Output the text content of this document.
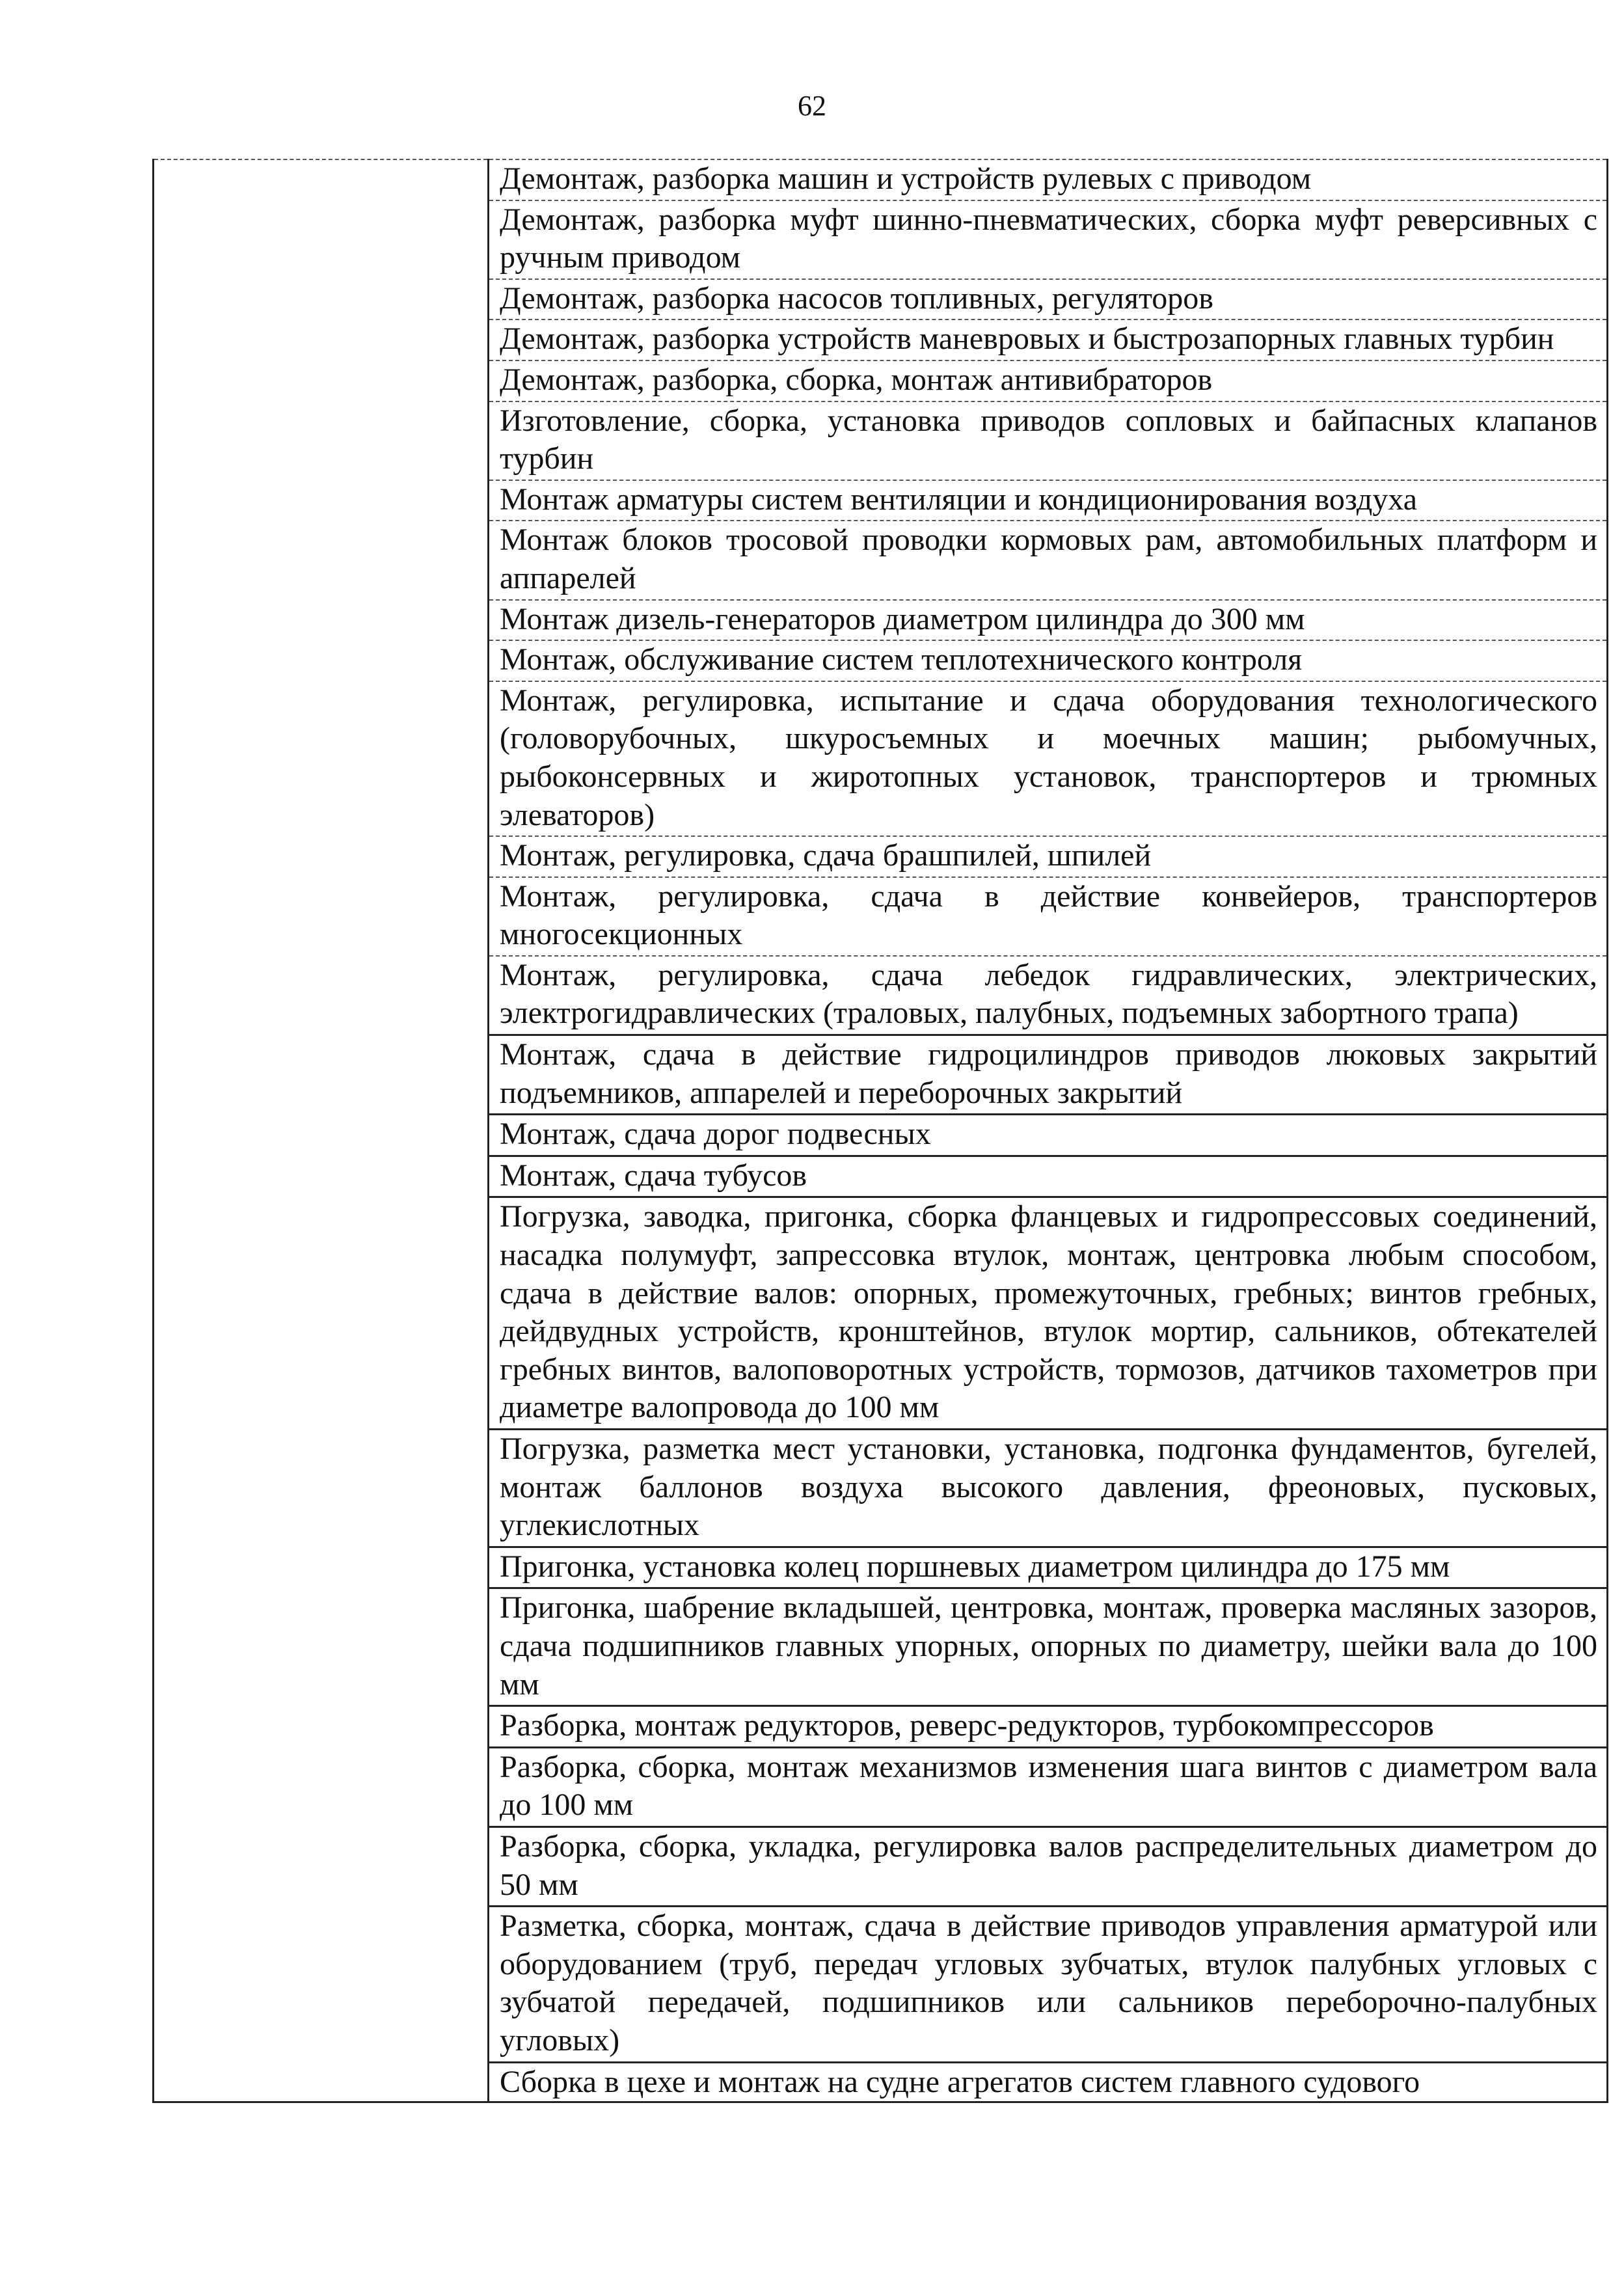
62

Демонтаж, разборка машин и устройств рулевых с приводом
Демонтаж, разборка муфт шинно-пневматических, сборка муфт реверсивных с ручным приводом
Демонтаж, разборка насосов топливных, регуляторов
Демонтаж, разборка устройств маневровых и быстрозапорных главных турбин
Демонтаж, разборка, сборка, монтаж антивибраторов
Изготовление, сборка, установка приводов сопловых и байпасных клапанов турбин
Монтаж арматуры систем вентиляции и кондиционирования воздуха
Монтаж блоков тросовой проводки кормовых рам, автомобильных платформ и аппарелей
Монтаж дизель-генераторов диаметром цилиндра до 300 мм
Монтаж, обслуживание систем теплотехнического контроля
Монтаж, регулировка, испытание и сдача оборудования технологического (головорубочных, шкуросъемных и моечных машин; рыбомучных, рыбоконсервных и жиротопных установок, транспортеров и трюмных элеваторов)
Монтаж, регулировка, сдача брашпилей, шпилей
Монтаж, регулировка, сдача в действие конвейеров, транспортеров многосекционных
Монтаж, регулировка, сдача лебедок гидравлических, электрических, электрогидравлических (траловых, палубных, подъемных забортного трапа)
Монтаж, сдача в действие гидроцилиндров приводов люковых закрытий подъемников, аппарелей и переборочных закрытий
Монтаж, сдача дорог подвесных
Монтаж, сдача тубусов
Погрузка, заводка, пригонка, сборка фланцевых и гидропрессовых соединений, насадка полумуфт, запрессовка втулок, монтаж, центровка любым способом, сдача в действие валов: опорных, промежуточных, гребных; винтов гребных, дейдвудных устройств, кронштейнов, втулок мортир, сальников, обтекателей гребных винтов, валоповоротных устройств, тормозов, датчиков тахометров при диаметре валопровода до 100 мм
Погрузка, разметка мест установки, установка, подгонка фундаментов, бугелей, монтаж баллонов воздуха высокого давления, фреоновых, пусковых, углекислотных
Пригонка, установка колец поршневых диаметром цилиндра до 175 мм
Пригонка, шабрение вкладышей, центровка, монтаж, проверка масляных зазоров, сдача подшипников главных упорных, опорных по диаметру, шейки вала до 100 мм
Разборка, монтаж редукторов, реверс-редукторов, турбокомпрессоров
Разборка, сборка, монтаж механизмов изменения шага винтов с диаметром вала до 100 мм
Разборка, сборка, укладка, регулировка валов распределительных диаметром до 50 мм
Разметка, сборка, монтаж, сдача в действие приводов управления арматурой или оборудованием (труб, передач угловых зубчатых, втулок палубных угловых с зубчатой передачей, подшипников или сальников переборочно-палубных угловых)
Сборка в цехе и монтаж на судне агрегатов систем главного судового
